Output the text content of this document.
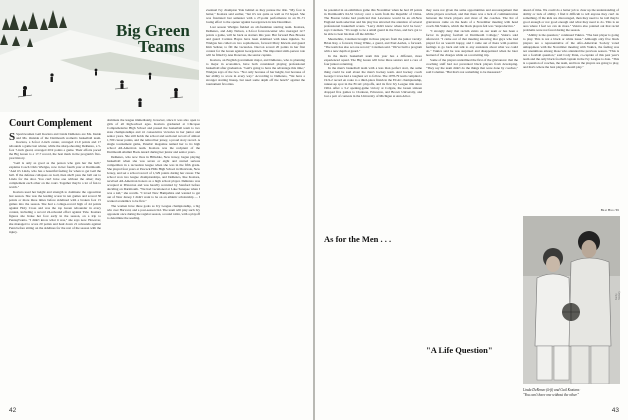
Big Green
Teams
Court Complement

S Sportswomen Gail Koziara and Linda DeRenzo are Ms. Inside and Ms. Outside of the Dartmouth women's basketball team. Koziara, a 6-foot 2-inch center, averaged 21.9 points and 17 rebounds a game last winter, while the sharp-shooting DeRenzo, a 5-foot 7-inch guard, averaged 20.9 points a game. Their efforts paced the Big Green to a 17-7 record, the best mark in the program's five-year history.

"Gail is only as good as the person who gets her the ball," explains Coach Chris Wielgus, now in her fourth year at Dartmouth. "And it's Linda, who has a beautiful feeling for when to get Gail the ball. If the defense collapses on Gail, then she'll pass the ball out to Linda for the shot. You can't have one without the other; they complement each other on the court. Together they're a lot of fun to watch."

Koziara used her height and strength to dominate the opposition last season. She was the leading scorer in ten games and scored 30 points or more three times before sidelined with a broken foot 15 games into the season. She had a college-record high of 44 points against Holy Cross and was the top Green rebounder in every contest, including a record 24-rebound effort against Yale. Koziara figures she broke her foot early in the season, on a trip to Pennsylvania. "I didn't know what it was," she says now. However, she managed to score 20 points and haul down 21 rebounds against Penn before sitting on the sidelines for the rest of the season with the injury.

dominate the league immediately, however, since it was also open to girls of all high-school ages. Koziara graduated at Chicopee Comprehensive High School and passed the basketball team to two state championships and 41 consecutive victories in her junior and senior years. She still holds the school and sectional record of almost 1,700 career points, and the retired her jersey, a proud story record. A single tournament game, Panabic magazine named her to its high school All-American team. Koziara was the recipient of the Dartmouth Alumni Book Award during her junior and senior years.

DeRenzo, who now lives in Hillsdale, New Jersey, began playing basketball when she was seven or eight and started serious competition in a recreation league when she was in the fifth grade. She played four years at Pascack Hills High School in Montvale, New Jersey, and set a school record of 1,529 points during her career. The school won two league championships, and DeRenzo, like Koziara, received All-American honors as a high school player. DeRenzo was accepted at Princeton and was heavily recruited by Stanford before deciding on Dartmouth. "We had vacationed at Lake Sunapee when I was a kid," she recalls. "I loved New Hampshire and wanted to get out of New Jersey. I didn't want to be on an athletic scholarship — I wanted academics to be first."

The women have three goals as Ivy League championship, a big win over Harvard, and a post-season bid. The team will play such Ivy opponent once during the regular season, a round robin, with a playoff to determine the seeding.

eventual Ivy champion Yale behind as they pursue the title. "My foot is better," Koziara said earlier, "but it's not quite as well as I'd hoped. She was frustrated last semester with a 27-point performance in an 81-71 losing effort to the opener against Georgetown in late December.

Last season Wielgus fielded an all-freshman starting team. Koziara, DeRenzo, and Amy Nelson, a 6-foot forward-center who averaged 12.7 points a game, will be back as starters this year. But forward Bea Brooks and guard Corinna Hayes have been sidelined with knee injuries. So Wielgus has called on two sophomores, forward Mary Klewin and guard Kim Seltzer, to fill the vacancies. Deccon scored 20 points in her first contest for the Green against Georgetown. The important sixth-person role will be filled by Ana Donovan, the senior captain.

Koziara, an English government major, and DeRenzo, who is planning to major in economics, have both considered playing professional basketball after graduation. "Gail's going to have the advantage this time," Wielgus says of the two. "Not only because of her height, but because of her ability to score in every way." According to DeRenzo, "We have a stronger starting lineup, but need some depth off the bench" against the tournament favorites.

42

be potential in an exhibition game this November when he had 18 points in Dartmouth's 64-52 victory over a team from the Republic of China. The Boston Globe had predicted that Lawrence would be an all-New England team selection and his play has attracted the attention of several professional basketball scouts. "Larry didn't know where he'd be best," says Coleman. "It's tough to be a small guard in the Ivies, and he's got to be able to beat his man off the dribble."

Meanwhile, Coleman brought in three players from the junior varsity: Brian Ray, a forward, Doug White, a guard, and Paul Aarlen, a forward. "The team has also set one record," Coleman said. "We've built a program with a new depth at guard."

In the men's basketball team this year has a different, more experienced squad. The Big Green will have three seniors and a core of four juniors returning.

In the men's basketball team with a less than perfect start, the same thing could be said about the men's hockey team. And hockey coach George Crowe had a toughest act to follow. The 1978-79 team compiled a 19-9-2 record en route to a third-place finish in the ECAC championship, runner-up spot in the ECAC playoffs, and its first Ivy League title since 1964. After a 3-2 opening-game victory at Colgate, the Green sixteen dropped five games to Clarkson, Princeton, and Brown University, and lost a pair of contests in the University of Michigan at Ann Arbor.

they were not given the same opportunities and encouragement that white players received, and that there was a lack of communication between the black players and most of the coaches. The list of grievances came on the heels of a November meeting with head coach Jim Vukica, which the black players felt was "unproductive."

"I strongly deny that racism exists on our team or has been a factor in playing football at Dartmouth College," Vukica said afterward. "I came out of that meeting knowing that guys who had played for us weren't happy, and I came out of there with positive feelings to go back and talk to any assistants about what we could do." Vukica said he was surprised and disappointed when he later learned of the charges while on a recruiting trip.

Some of the players underlined the first of the grievances: that the coaching staff had not prevented black players from developing. "They say the team didn't do the things that were done by coaches," said Coleman. "But that's not something to be measured."

ahead of time. We could do a better job to clear up the understanding of ability or lack of ability. I find it difficult to tell anyone they can't do something. If the kids are discouraged, then they need to be told they're good enough or not good enough and what they need to do. This is an area where I feel we can do more." Vukica also pointed out that racial problems were not faced during the season.

"Ability is the question," continued Vukica. "The best player is going to play. This is not a black or white issue." Although only five black players are a representative of the Afro-American Society voted unhappiness with the November meeting with Vukica, the feeling was not unanimous among those who attended the previous season. "This is not a football question," said Cody Penn, co-captain of this past year's team and the only black football captain in the Ivy League to date. "This is a question of coaches, the team, and how the players are going to play, and that's where the best players should play."

Brad Hills '65
Kathy Slattery
Linda DeRenzo (left) and Gail Koziara:
"You can't have one without the other."
As for the Men . . .
"A Life Question"
43
